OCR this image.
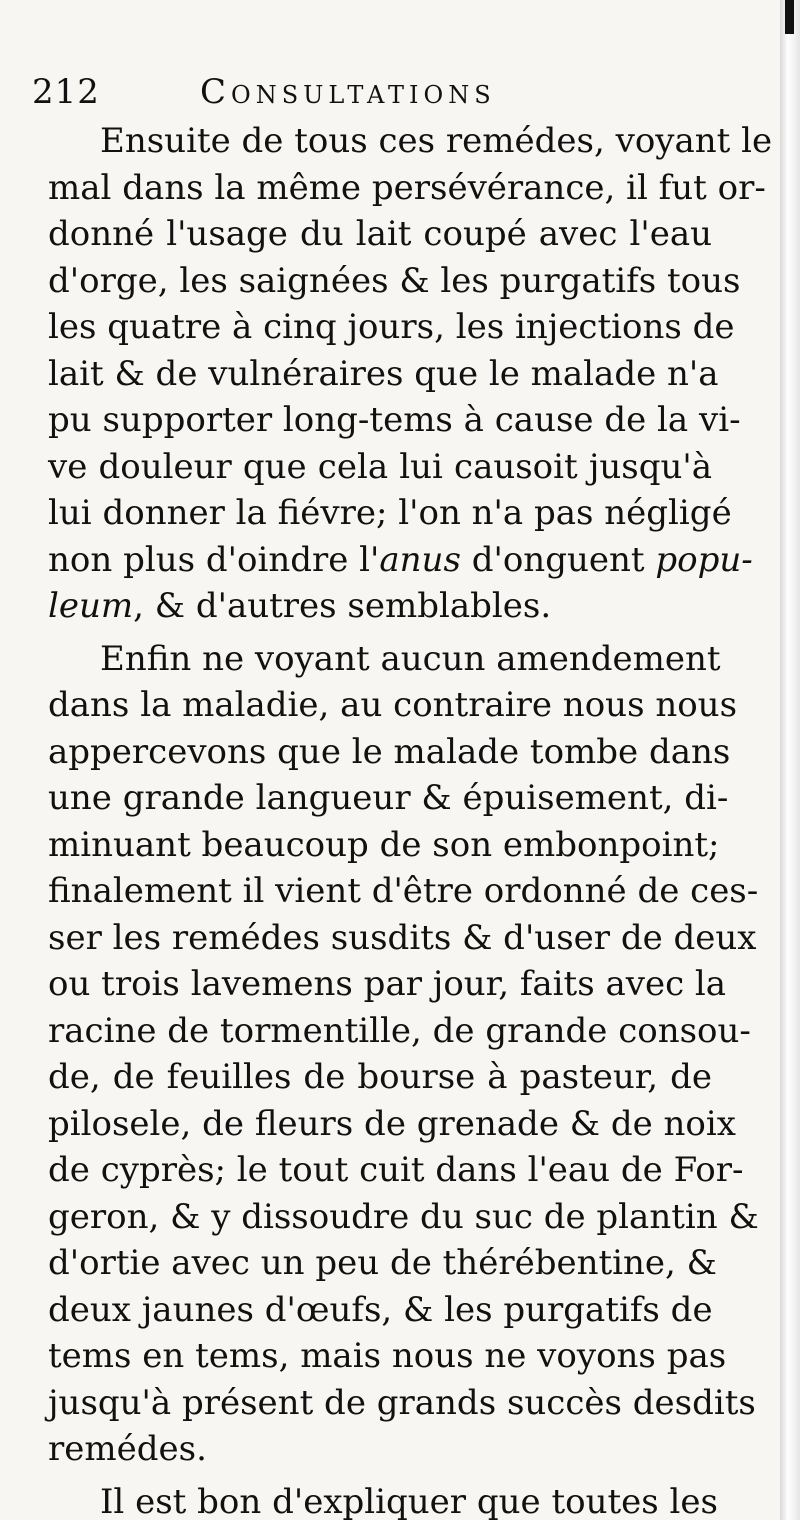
212	Consultations
Ensuite de tous ces remédes, voyant le
mal dans la même persévérance, il fut or-
donné l'usage du lait coupé avec l'eau
d'orge, les saignées & les purgatifs tous
les quatre à cinq jours, les injections de
lait & de vulnéraires que le malade n'a
pu supporter long-tems à cause de la vi-
ve douleur que cela lui causoit jusqu'à
lui donner la fiévre; l'on n'a pas négligé
non plus d'oindre l'anus d'onguent popu-
leum, & d'autres semblables.
Enfin ne voyant aucun amendement
dans la maladie, au contraire nous nous
appercevons que le malade tombe dans
une grande langueur & épuisement, di-
minuant beaucoup de son embonpoint;
finalement il vient d'être ordonné de ces-
ser les remédes susdits & d'user de deux
ou trois lavemens par jour, faits avec la
racine de tormentille, de grande consou-
de, de feuilles de bourse à pasteur, de
pilosele, de fleurs de grenade & de noix
de cyprès; le tout cuit dans l'eau de For-
geron, & y dissoudre du suc de plantin &
d'ortie avec un peu de thérébentine, &
deux jaunes d'œufs, & les purgatifs de
tems en tems, mais nous ne voyons pas
jusqu'à présent de grands succès desdits
remédes.
Il est bon d'expliquer que toutes les
